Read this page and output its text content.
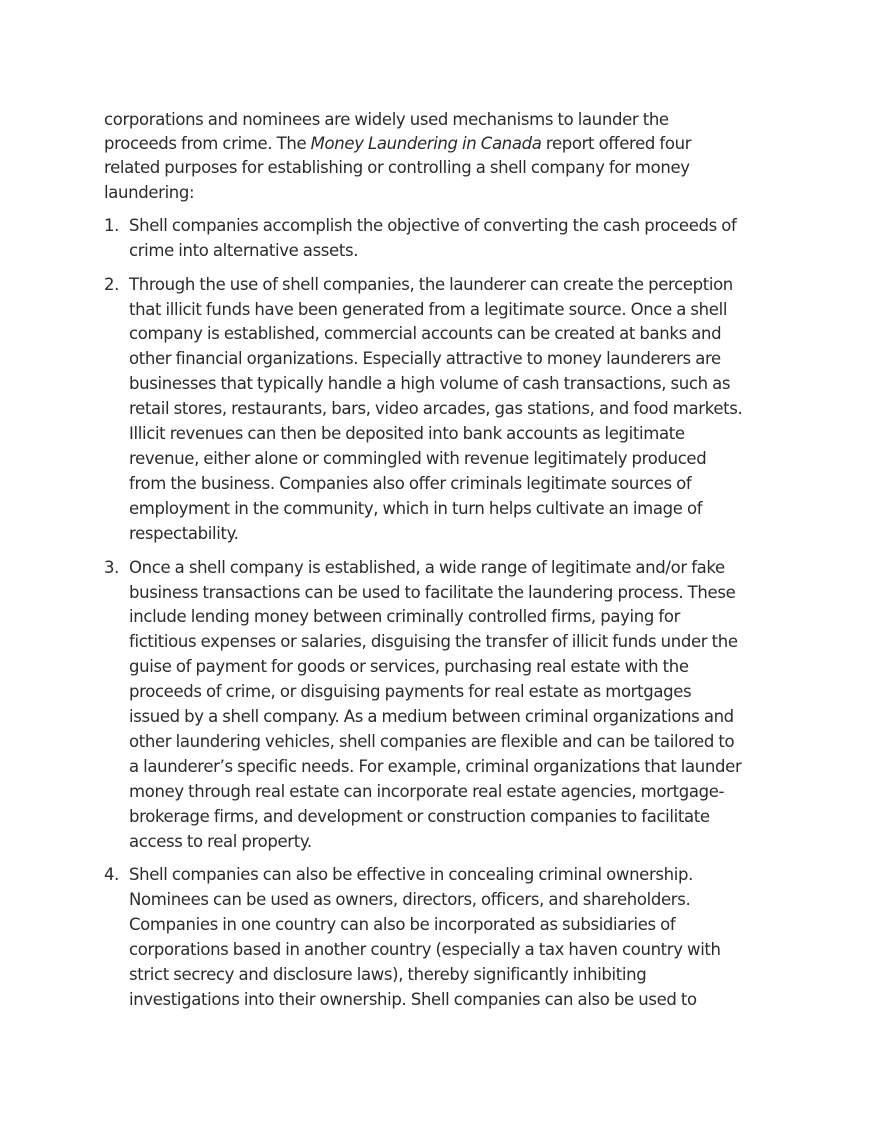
corporations and nominees are widely used mechanisms to launder the proceeds from crime. The Money Laundering in Canada report offered four related purposes for establishing or controlling a shell company for money laundering:

1. Shell companies accomplish the objective of converting the cash proceeds of crime into alternative assets.
2. Through the use of shell companies, the launderer can create the perception that illicit funds have been generated from a legitimate source. Once a shell company is established, commercial accounts can be created at banks and other financial organizations. Especially attractive to money launderers are businesses that typically handle a high volume of cash transactions, such as retail stores, restaurants, bars, video arcades, gas stations, and food markets. Illicit revenues can then be deposited into bank accounts as legitimate revenue, either alone or commingled with revenue legitimately produced from the business. Companies also offer criminals legitimate sources of employment in the community, which in turn helps cultivate an image of respectability.
3. Once a shell company is established, a wide range of legitimate and/or fake business transactions can be used to facilitate the laundering process. These include lending money between criminally controlled firms, paying for fictitious expenses or salaries, disguising the transfer of illicit funds under the guise of payment for goods or services, purchasing real estate with the proceeds of crime, or disguising payments for real estate as mortgages issued by a shell company. As a medium between criminal organizations and other laundering vehicles, shell companies are flexible and can be tailored to a launderer’s specific needs. For example, criminal organizations that launder money through real estate can incorporate real estate agencies, mortgage-brokerage firms, and development or construction companies to facilitate access to real property.
4. Shell companies can also be effective in concealing criminal ownership. Nominees can be used as owners, directors, officers, and shareholders. Companies in one country can also be incorporated as subsidiaries of corporations based in another country (especially a tax haven country with strict secrecy and disclosure laws), thereby significantly inhibiting investigations into their ownership. Shell companies can also be used to
